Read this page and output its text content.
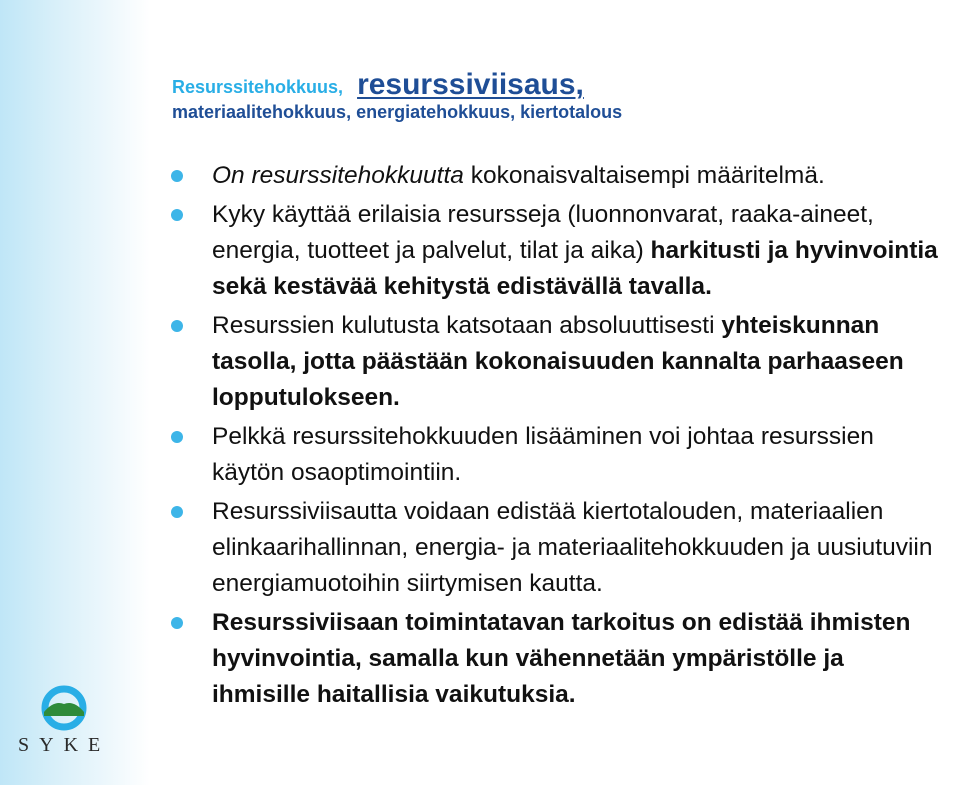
Resurssitehokkuus, resurssiviisaus,
materiaalitehokkuus, energiatehokkuus, kiertotalous
On resurssitehokkuutta kokonaisvaltaisempi määritelmä.
Kyky käyttää erilaisia resursseja (luonnonvarat, raaka-aineet, energia, tuotteet ja palvelut, tilat ja aika) harkitusti ja hyvinvointia sekä kestävää kehitystä edistävällä tavalla.
Resurssien kulutusta katsotaan absoluuttisesti yhteiskunnan tasolla, jotta päästään kokonaisuuden kannalta parhaaseen lopputulokseen.
Pelkkä resurssitehokkuuden lisääminen voi johtaa resurssien käytön osaoptimointiin.
Resurssiviisautta voidaan edistää kiertotalouden, materiaalien elinkaarihallinnan, energia- ja materiaalitehokkuuden ja uusiutuviin energiamuotoihin siirtymisen kautta.
Resurssiviisaan toimintatavan tarkoitus on edistää ihmisten hyvinvointia, samalla kun vähennetään ympäristölle ja ihmisille haitallisia vaikutuksia.
SYKE
